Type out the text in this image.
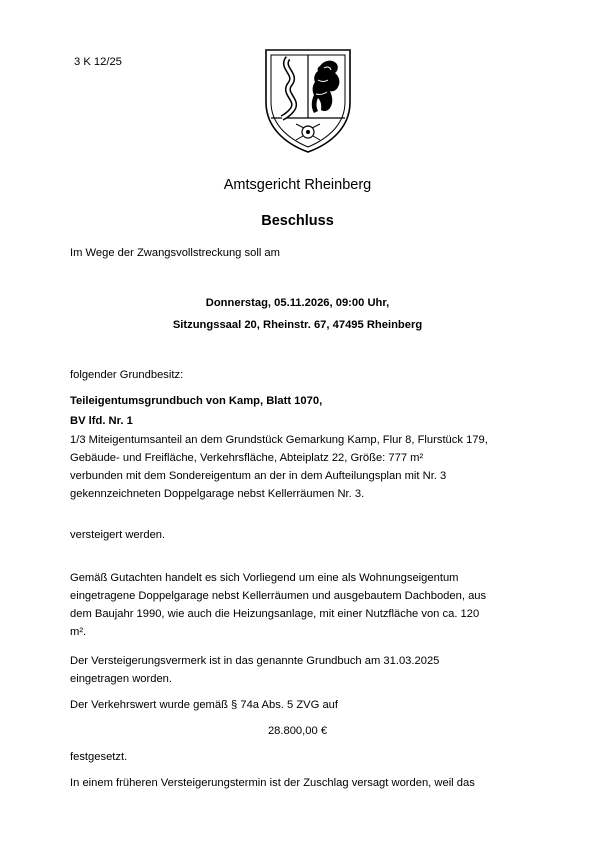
3 K 12/25
Amtsgericht Rheinberg
Beschluss
Im Wege der Zwangsvollstreckung soll am
Donnerstag, 05.11.2026, 09:00 Uhr,
Sitzungssaal 20, Rheinstr. 67, 47495 Rheinberg
folgender Grundbesitz:
Teileigentumsgrundbuch von Kamp, Blatt 1070,
BV lfd. Nr. 1
1/3 Miteigentumsanteil an dem Grundstück Gemarkung Kamp, Flur 8, Flurstück 179,
Gebäude- und Freifläche, Verkehrsfläche, Abteiplatz 22, Größe: 777 m²
verbunden mit dem Sondereigentum an der in dem Aufteilungsplan mit Nr. 3
gekennzeichneten Doppelgarage nebst Kellerräumen Nr. 3.
versteigert werden.
Gemäß Gutachten handelt es sich Vorliegend um eine als Wohnungseigentum
eingetragene Doppelgarage nebst Kellerräumen und ausgebautem Dachboden, aus
dem Baujahr 1990, wie auch die Heizungsanlage, mit einer Nutzfläche von ca. 120
m².
Der Versteigerungsvermerk ist in das genannte Grundbuch am 31.03.2025
eingetragen worden.
Der Verkehrswert wurde gemäß § 74a Abs. 5 ZVG auf
28.800,00 €
festgesetzt.
In einem früheren Versteigerungstermin ist der Zuschlag versagt worden, weil das
